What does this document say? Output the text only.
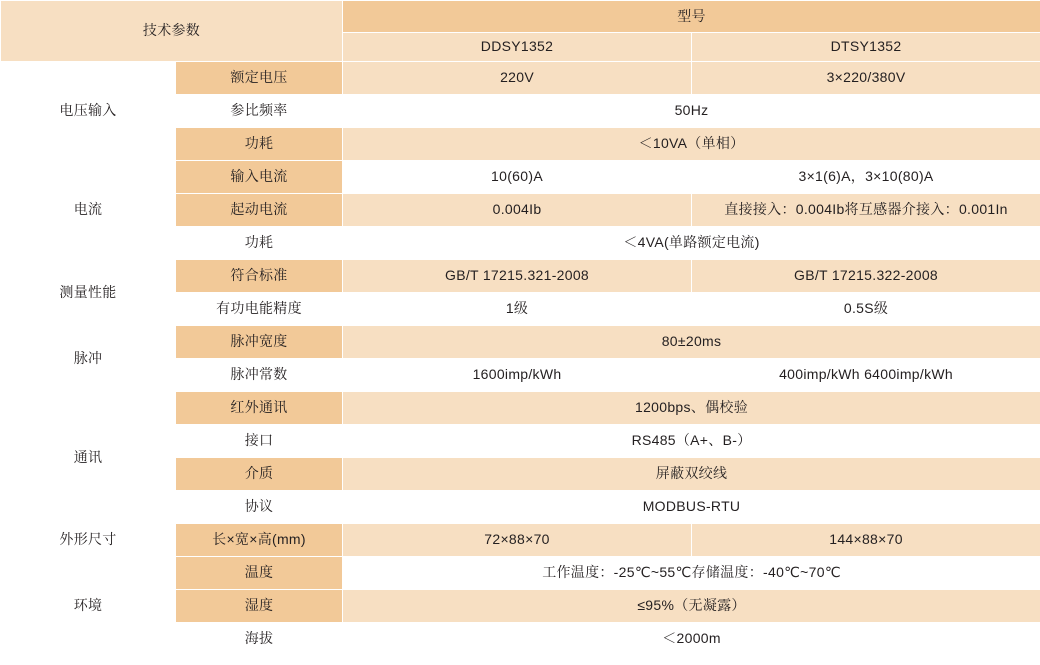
技术参数		型号	
		DDSY1352	DTSY1352
电压输入	额定电压	220V	3×220/380V
	参比频率	50Hz	
	功耗	＜10VA（单相）	
电流	输入电流	10(60)A	3×1(6)A，3×10(80)A
	起动电流	0.004Ib	直接接入：0.004Ib将互感器介接入：0.001In
	功耗	＜4VA(单路额定电流)	
测量性能	符合标准	GB/T 17215.321-2008	GB/T 17215.322-2008
	有功电能精度	1级	0.5S级
脉冲	脉冲宽度	80±20ms	
	脉冲常数	1600imp/kWh	400imp/kWh 6400imp/kWh
通讯	红外通讯	1200bps、偶校验	
	接口	RS485（A+、B-）	
	介质	屏蔽双绞线	
	协议	MODBUS-RTU	
外形尺寸	长×宽×高(mm)	72×88×70	144×88×70
环境	温度	工作温度：-25℃~55℃存储温度：-40℃~70℃	
	湿度	≤95%（无凝露）	
	海拔	＜2000m	
